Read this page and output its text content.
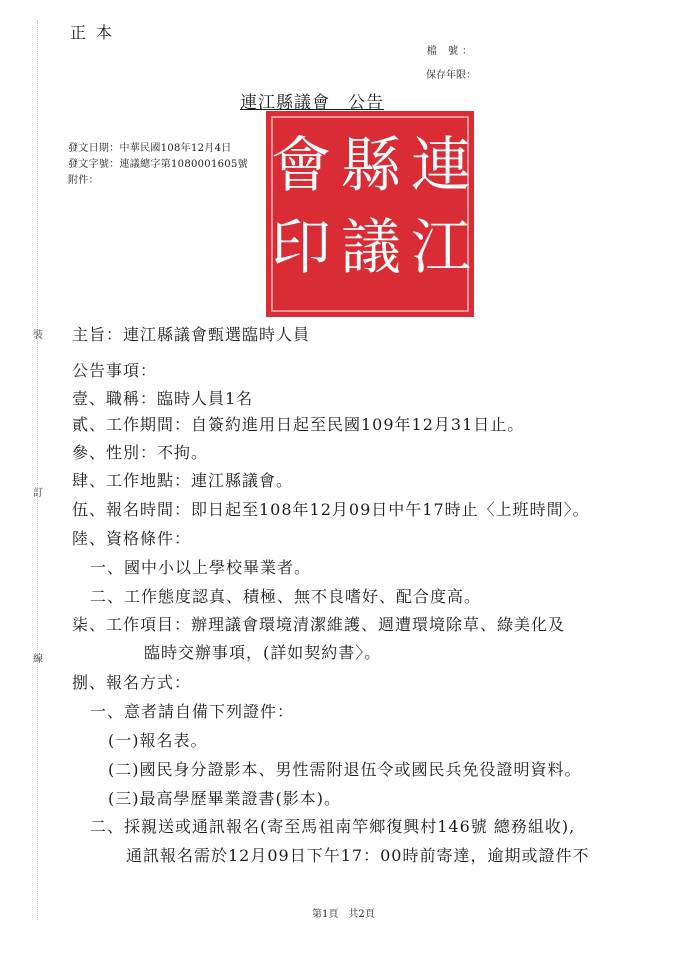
裝
訂
線
正本
檔 號：
保存年限：
連
江
縣
議
會
印
連江縣議會　公告
發文日期：中華民國108年12月4日
發文字號：連議總字第1080001605號
附件：
主旨：連江縣議會甄選臨時人員
公告事項：
壹、職稱：臨時人員1名
貳、工作期間：自簽約進用日起至民國109年12月31日止。
參、性別：不拘。
肆、工作地點：連江縣議會。
伍、報名時間：即日起至108年12月09日中午17時止〈上班時間〉。
陸、資格條件：
一、國中小以上學校畢業者。
二、工作態度認真、積極、無不良嗜好、配合度高。
柒、工作項目：辦理議會環境清潔維護、週遭環境除草、綠美化及
臨時交辦事項，(詳如契約書〉。
捌、報名方式：
一、意者請自備下列證件：
(一)報名表。
(二)國民身分證影本、男性需附退伍令或國民兵免役證明資料。
(三)最高學歷畢業證書(影本)。
二、採親送或通訊報名(寄至馬祖南竿鄉復興村146號 總務組收),
通訊報名需於12月09日下午17：00時前寄達，逾期或證件不
第1頁　共2頁
